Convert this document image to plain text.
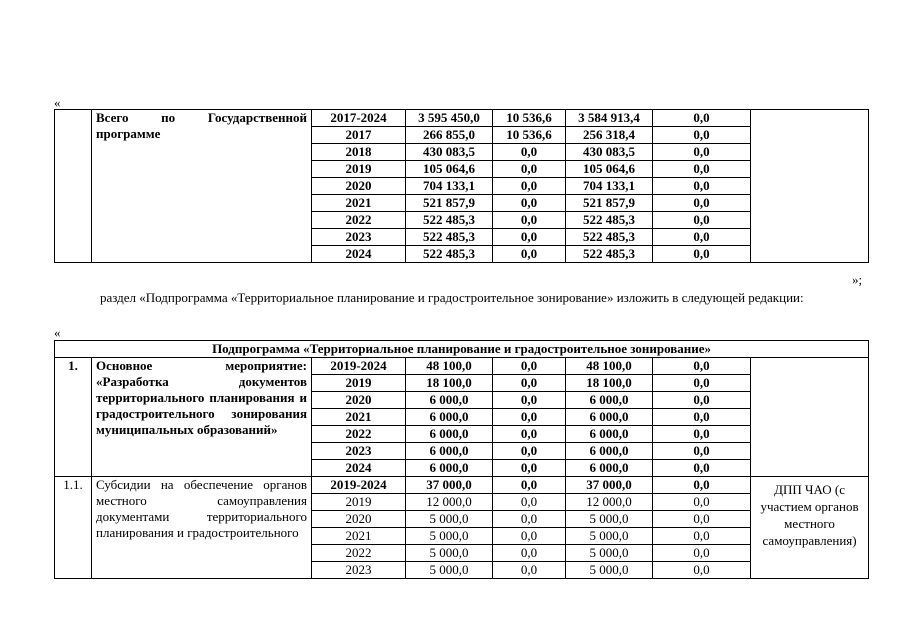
«
	Всего по Государственной программе	2017-2024	3 595 450,0	10 536,6	3 584 913,4	0,0	
		2017	266 855,0	10 536,6	256 318,4	0,0	
		2018	430 083,5	0,0	430 083,5	0,0	
		2019	105 064,6	0,0	105 064,6	0,0	
		2020	704 133,1	0,0	704 133,1	0,0	
		2021	521 857,9	0,0	521 857,9	0,0	
		2022	522 485,3	0,0	522 485,3	0,0	
		2023	522 485,3	0,0	522 485,3	0,0	
		2024	522 485,3	0,0	522 485,3	0,0	
»;
раздел «Подпрограмма «Территориальное планирование и градостроительное зонирование» изложить в следующей редакции:
«
Подпрограмма «Территориальное планирование и градостроительное зонирование»							
1.	Основное мероприятие: «Разработка документов территориального планирования и градостроительного зонирования муниципальных образований»	2019-2024	48 100,0	0,0	48 100,0	0,0	
		2019	18 100,0	0,0	18 100,0	0,0	
		2020	6 000,0	0,0	6 000,0	0,0	
		2021	6 000,0	0,0	6 000,0	0,0	
		2022	6 000,0	0,0	6 000,0	0,0	
		2023	6 000,0	0,0	6 000,0	0,0	
		2024	6 000,0	0,0	6 000,0	0,0	
1.1.	Субсидии на обеспечение органов местного самоуправления документами территориального планирования и градостроительного	2019-2024	37 000,0	0,0	37 000,0	0,0	ДПП ЧАО (с участием органов местного самоуправления)
		2019	12 000,0	0,0	12 000,0	0,0	
		2020	5 000,0	0,0	5 000,0	0,0	
		2021	5 000,0	0,0	5 000,0	0,0	
		2022	5 000,0	0,0	5 000,0	0,0	
		2023	5 000,0	0,0	5 000,0	0,0	
